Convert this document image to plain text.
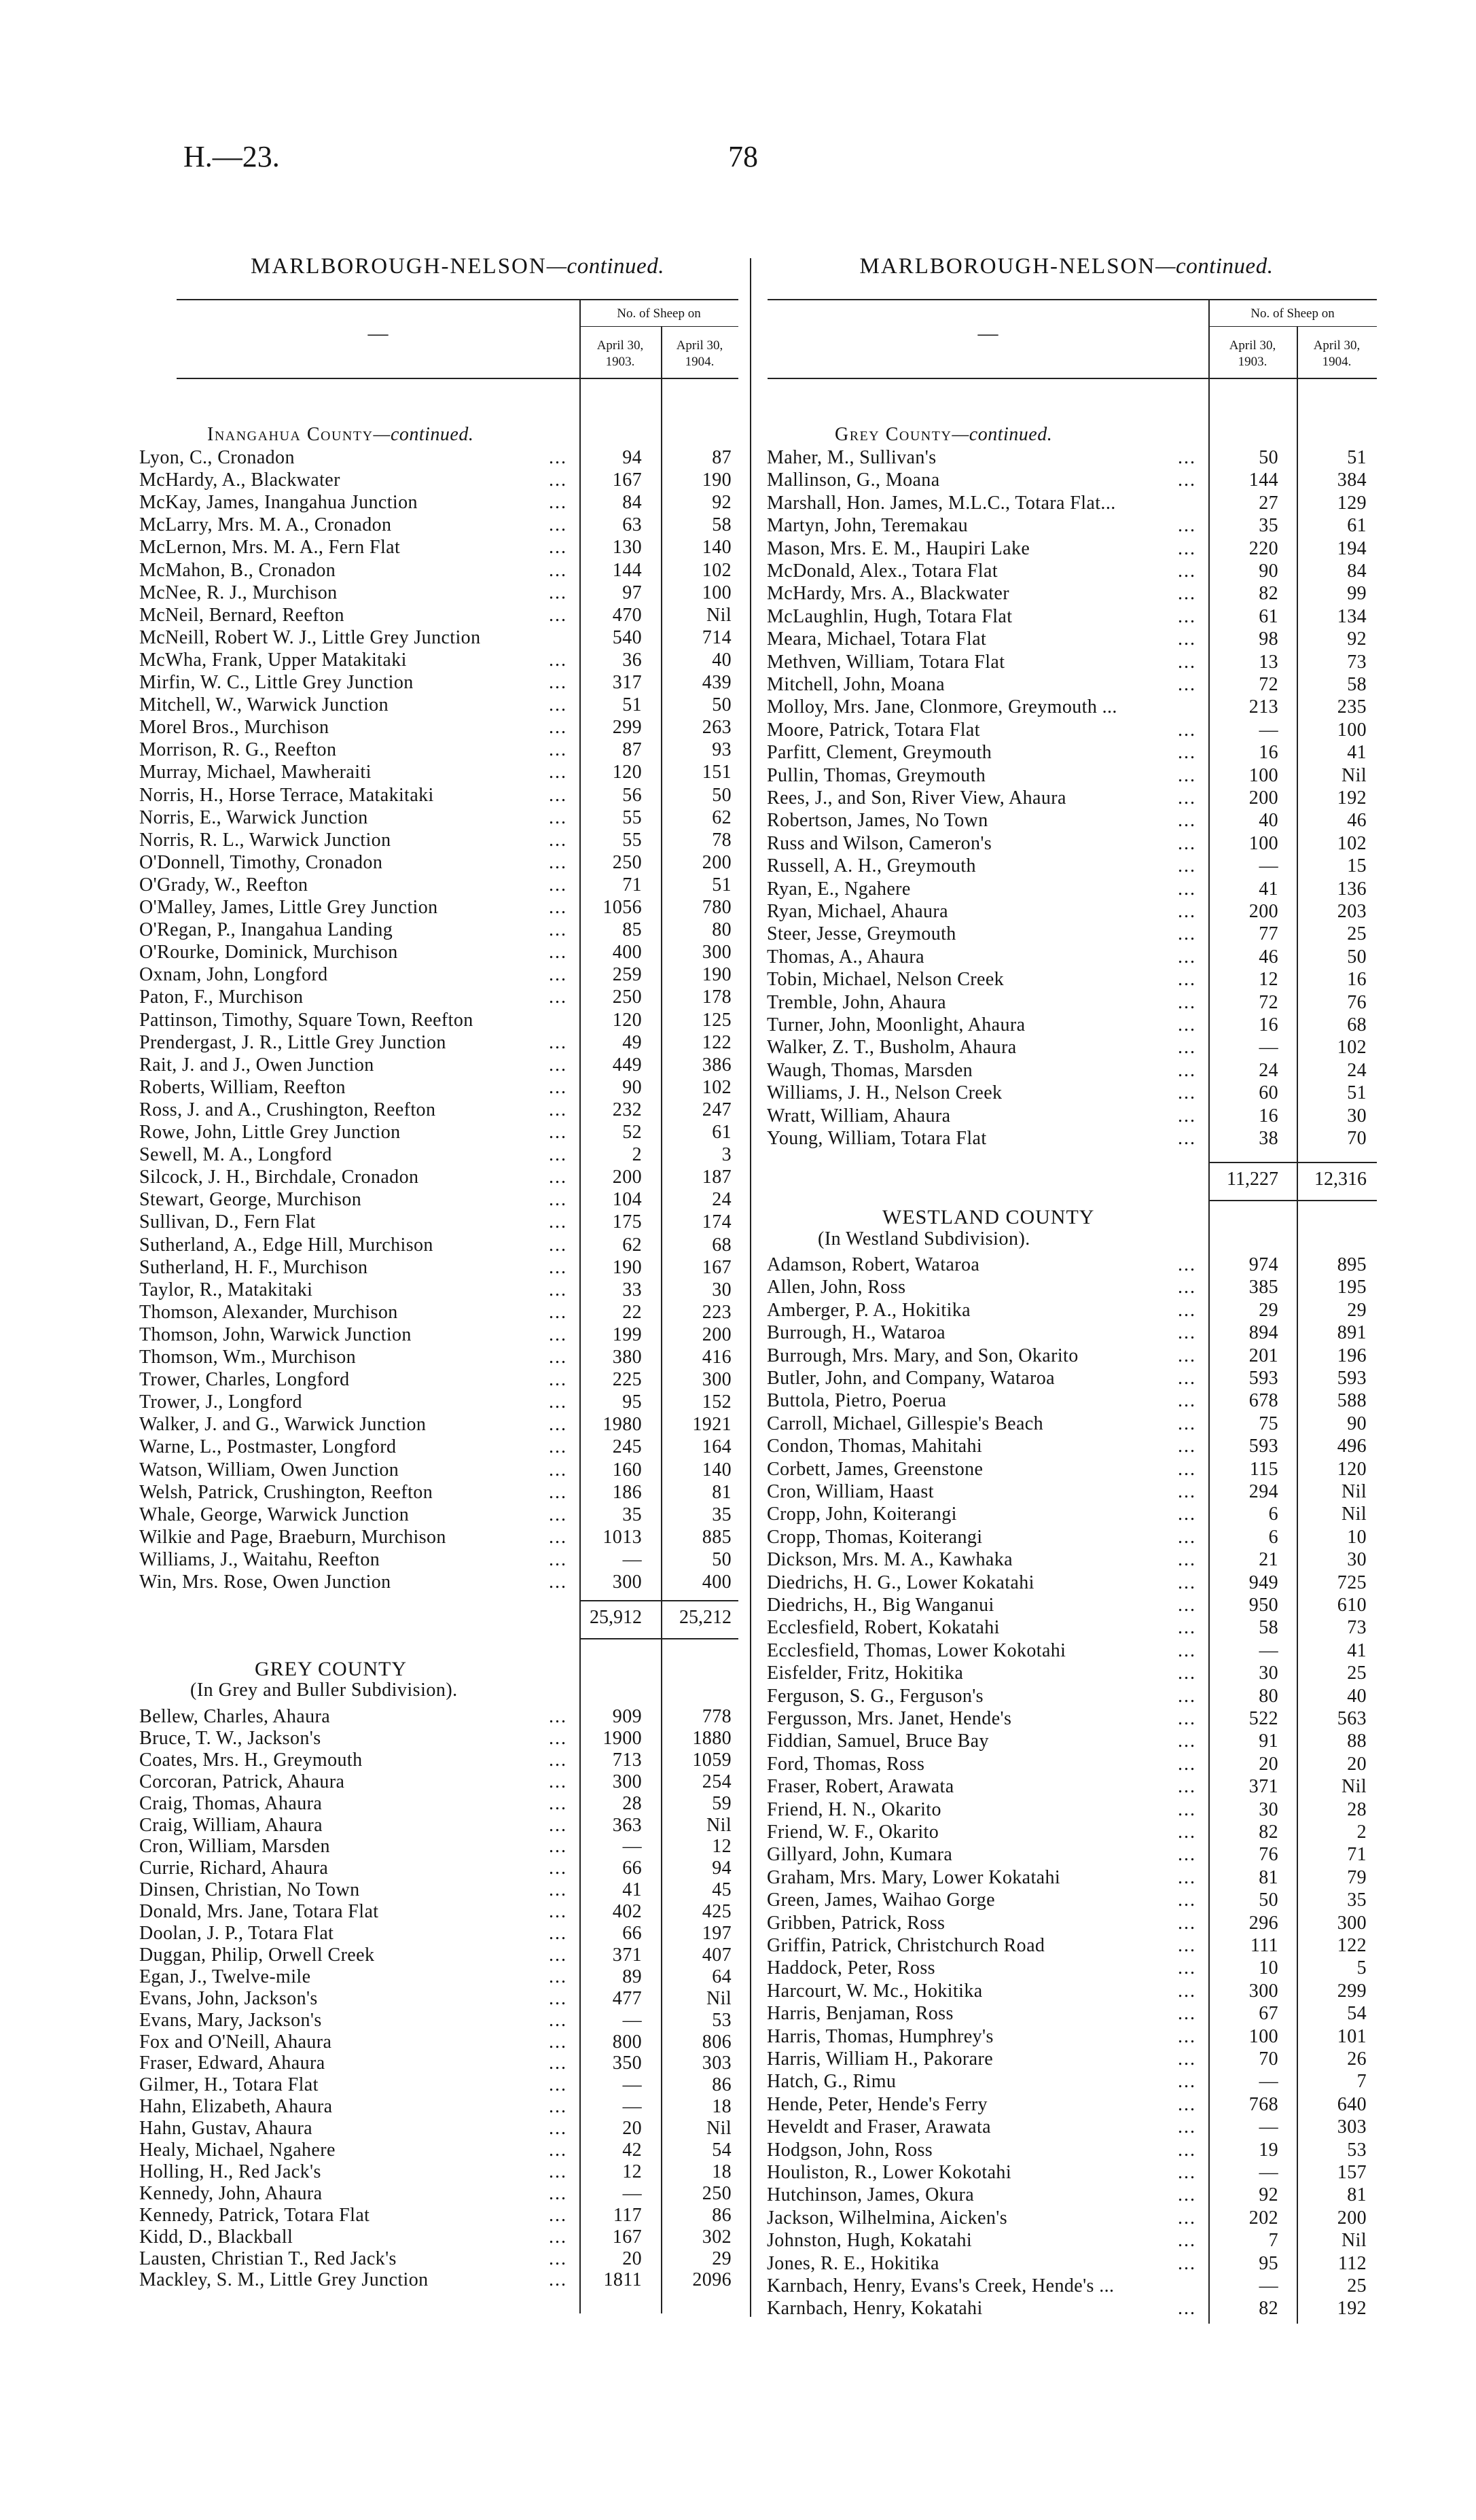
H.—23.	78
MARLBOROUGH-NELSON—continued.
—
No. of Sheep on
April 30,
1903.
April 30,
1904.
Inangahua County—continued.
Lyon, C., Cronadon	...	94	87
McHardy, A., Blackwater	...	167	190
McKay, James, Inangahua Junction	...	84	92
McLarry, Mrs. M. A., Cronadon	...	63	58
McLernon, Mrs. M. A., Fern Flat	...	130	140
McMahon, B., Cronadon	...	144	102
McNee, R. J., Murchison	...	97	100
McNeil, Bernard, Reefton	...	470	Nil
McNeill, Robert W. J., Little Grey Junction	540	714
McWha, Frank, Upper Matakitaki	...	36	40
Mirfin, W. C., Little Grey Junction	...	317	439
Mitchell, W., Warwick Junction	...	51	50
Morel Bros., Murchison	...	299	263
Morrison, R. G., Reefton	...	87	93
Murray, Michael, Mawheraiti	...	120	151
Norris, H., Horse Terrace, Matakitaki	...	56	50
Norris, E., Warwick Junction	...	55	62
Norris, R. L., Warwick Junction	...	55	78
O'Donnell, Timothy, Cronadon	...	250	200
O'Grady, W., Reefton	...	71	51
O'Malley, James, Little Grey Junction	...	1056	780
O'Regan, P., Inangahua Landing	...	85	80
O'Rourke, Dominick, Murchison	...	400	300
Oxnam, John, Longford	...	259	190
Paton, F., Murchison	...	250	178
Pattinson, Timothy, Square Town, Reefton	120	125
Prendergast, J. R., Little Grey Junction	...	49	122
Rait, J. and J., Owen Junction	...	449	386
Roberts, William, Reefton	...	90	102
Ross, J. and A., Crushington, Reefton	...	232	247
Rowe, John, Little Grey Junction	...	52	61
Sewell, M. A., Longford	...	2	3
Silcock, J. H., Birchdale, Cronadon	...	200	187
Stewart, George, Murchison	...	104	24
Sullivan, D., Fern Flat	...	175	174
Sutherland, A., Edge Hill, Murchison	...	62	68
Sutherland, H. F., Murchison	...	190	167
Taylor, R., Matakitaki	...	33	30
Thomson, Alexander, Murchison	...	22	223
Thomson, John, Warwick Junction	...	199	200
Thomson, Wm., Murchison	...	380	416
Trower, Charles, Longford	...	225	300
Trower, J., Longford	...	95	152
Walker, J. and G., Warwick Junction	...	1980	1921
Warne, L., Postmaster, Longford	...	245	164
Watson, William, Owen Junction	...	160	140
Welsh, Patrick, Crushington, Reefton	...	186	81
Whale, George, Warwick Junction	...	35	35
Wilkie and Page, Braeburn, Murchison	...	1013	885
Williams, J., Waitahu, Reefton	...	—	50
Win, Mrs. Rose, Owen Junction	...	300	400
25,912	25,212
GREY COUNTY
(In Grey and Buller Subdivision).
Bellew, Charles, Ahaura	...	909	778
Bruce, T. W., Jackson's	...	1900	1880
Coates, Mrs. H., Greymouth	...	713	1059
Corcoran, Patrick, Ahaura	...	300	254
Craig, Thomas, Ahaura	...	28	59
Craig, William, Ahaura	...	363	Nil
Cron, William, Marsden	...	—	12
Currie, Richard, Ahaura	...	66	94
Dinsen, Christian, No Town	...	41	45
Donald, Mrs. Jane, Totara Flat	...	402	425
Doolan, J. P., Totara Flat	...	66	197
Duggan, Philip, Orwell Creek	...	371	407
Egan, J., Twelve-mile	...	89	64
Evans, John, Jackson's	...	477	Nil
Evans, Mary, Jackson's	...	—	53
Fox and O'Neill, Ahaura	...	800	806
Fraser, Edward, Ahaura	...	350	303
Gilmer, H., Totara Flat	...	—	86
Hahn, Elizabeth, Ahaura	...	—	18
Hahn, Gustav, Ahaura	...	20	Nil
Healy, Michael, Ngahere	...	42	54
Holling, H., Red Jack's	...	12	18
Kennedy, John, Ahaura	...	—	250
Kennedy, Patrick, Totara Flat	...	117	86
Kidd, D., Blackball	...	167	302
Lausten, Christian T., Red Jack's	...	20	29
Mackley, S. M., Little Grey Junction	...	1811	2096
MARLBOROUGH-NELSON—continued.
—
No. of Sheep on
April 30,
1903.
April 30,
1904.
Grey County—continued.
Maher, M., Sullivan's	...	50	51
Mallinson, G., Moana	...	144	384
Marshall, Hon. James, M.L.C., Totara Flat...	27	129
Martyn, John, Teremakau	...	35	61
Mason, Mrs. E. M., Haupiri Lake	...	220	194
McDonald, Alex., Totara Flat	...	90	84
McHardy, Mrs. A., Blackwater	...	82	99
McLaughlin, Hugh, Totara Flat	...	61	134
Meara, Michael, Totara Flat	...	98	92
Methven, William, Totara Flat	...	13	73
Mitchell, John, Moana	...	72	58
Molloy, Mrs. Jane, Clonmore, Greymouth ...	213	235
Moore, Patrick, Totara Flat	...	—	100
Parfitt, Clement, Greymouth	...	16	41
Pullin, Thomas, Greymouth	...	100	Nil
Rees, J., and Son, River View, Ahaura	...	200	192
Robertson, James, No Town	...	40	46
Russ and Wilson, Cameron's	...	100	102
Russell, A. H., Greymouth	...	—	15
Ryan, E., Ngahere	...	41	136
Ryan, Michael, Ahaura	...	200	203
Steer, Jesse, Greymouth	...	77	25
Thomas, A., Ahaura	...	46	50
Tobin, Michael, Nelson Creek	...	12	16
Tremble, John, Ahaura	...	72	76
Turner, John, Moonlight, Ahaura	...	16	68
Walker, Z. T., Busholm, Ahaura	...	—	102
Waugh, Thomas, Marsden	...	24	24
Williams, J. H., Nelson Creek	...	60	51
Wratt, William, Ahaura	...	16	30
Young, William, Totara Flat	...	38	70
11,227	12,316
WESTLAND COUNTY
(In Westland Subdivision).
Adamson, Robert, Wataroa	...	974	895
Allen, John, Ross	...	385	195
Amberger, P. A., Hokitika	...	29	29
Burrough, H., Wataroa	...	894	891
Burrough, Mrs. Mary, and Son, Okarito	...	201	196
Butler, John, and Company, Wataroa	...	593	593
Buttola, Pietro, Poerua	...	678	588
Carroll, Michael, Gillespie's Beach	...	75	90
Condon, Thomas, Mahitahi	...	593	496
Corbett, James, Greenstone	...	115	120
Cron, William, Haast	...	294	Nil
Cropp, John, Koiterangi	...	6	Nil
Cropp, Thomas, Koiterangi	...	6	10
Dickson, Mrs. M. A., Kawhaka	...	21	30
Diedrichs, H. G., Lower Kokatahi	...	949	725
Diedrichs, H., Big Wanganui	...	950	610
Ecclesfield, Robert, Kokatahi	...	58	73
Ecclesfield, Thomas, Lower Kokotahi	...	—	41
Eisfelder, Fritz, Hokitika	...	30	25
Ferguson, S. G., Ferguson's	...	80	40
Fergusson, Mrs. Janet, Hende's	...	522	563
Fiddian, Samuel, Bruce Bay	...	91	88
Ford, Thomas, Ross	...	20	20
Fraser, Robert, Arawata	...	371	Nil
Friend, H. N., Okarito	...	30	28
Friend, W. F., Okarito	...	82	2
Gillyard, John, Kumara	...	76	71
Graham, Mrs. Mary, Lower Kokatahi	...	81	79
Green, James, Waihao Gorge	...	50	35
Gribben, Patrick, Ross	...	296	300
Griffin, Patrick, Christchurch Road	...	111	122
Haddock, Peter, Ross	...	10	5
Harcourt, W. Mc., Hokitika	...	300	299
Harris, Benjaman, Ross	...	67	54
Harris, Thomas, Humphrey's	...	100	101
Harris, William H., Pakorare	...	70	26
Hatch, G., Rimu	...	—	7
Hende, Peter, Hende's Ferry	...	768	640
Heveldt and Fraser, Arawata	...	—	303
Hodgson, John, Ross	...	19	53
Houliston, R., Lower Kokotahi	...	—	157
Hutchinson, James, Okura	...	92	81
Jackson, Wilhelmina, Aicken's	...	202	200
Johnston, Hugh, Kokatahi	...	7	Nil
Jones, R. E., Hokitika	...	95	112
Karnbach, Henry, Evans's Creek, Hende's ...	—	25
Karnbach, Henry, Kokatahi	...	82	192
